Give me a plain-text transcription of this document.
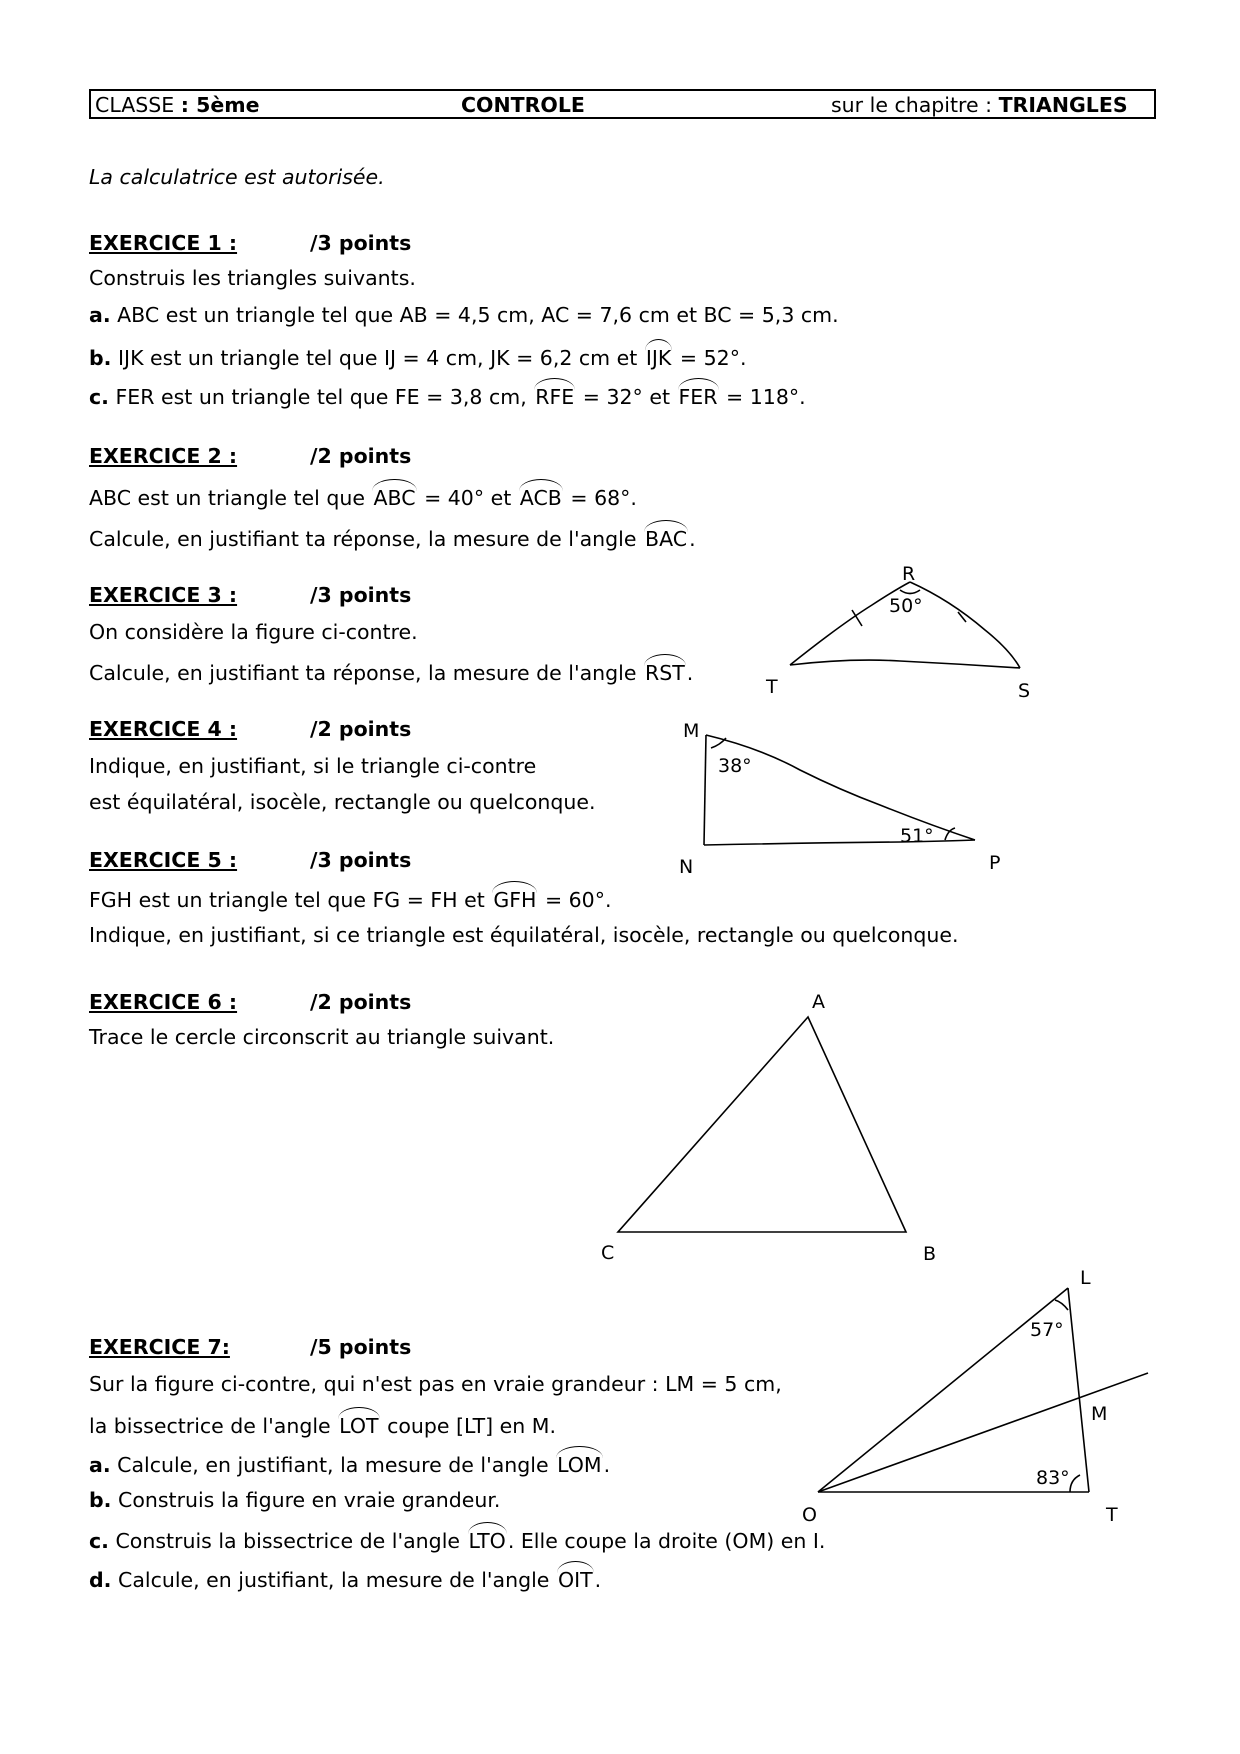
CLASSE : 5ème	CONTROLE	sur le chapitre : TRIANGLES
La calculatrice est autorisée.
EXERCICE 1 :	/3 points
Construis les triangles suivants.
a. ABC est un triangle tel que AB = 4,5 cm, AC = 7,6 cm et BC = 5,3 cm.
b. IJK est un triangle tel que IJ = 4 cm, JK = 6,2 cm et IJK = 52°.
c. FER est un triangle tel que FE = 3,8 cm, RFE = 32° et FER = 118°.
EXERCICE 2 :	/2 points
ABC est un triangle tel que ABC = 40° et ACB = 68°.
Calcule, en justifiant ta réponse, la mesure de l'angle BAC.
EXERCICE 3 :	/3 points
On considère la figure ci-contre.
Calcule, en justifiant ta réponse, la mesure de l'angle RST.
EXERCICE 4 :	/2 points
Indique, en justifiant, si le triangle ci-contre
est équilatéral, isocèle, rectangle ou quelconque.
EXERCICE 5 :	/3 points
FGH est un triangle tel que FG = FH et GFH = 60°.
Indique, en justifiant, si ce triangle est équilatéral, isocèle, rectangle ou quelconque.
EXERCICE 6 :	/2 points
Trace le cercle circonscrit au triangle suivant.
EXERCICE 7:	/5 points
Sur la figure ci-contre, qui n'est pas en vraie grandeur : LM = 5 cm,
la bissectrice de l'angle LOT coupe [LT] en M.
a. Calcule, en justifiant, la mesure de l'angle LOM.
b. Construis la figure en vraie grandeur.
c. Construis la bissectrice de l'angle LTO. Elle coupe la droite (OM) en I.
d. Calcule, en justifiant, la mesure de l'angle OIT.
R
T	S
50°
M
N	P
38°
51°
A
C	B
L
M
O	T
57°
83°
